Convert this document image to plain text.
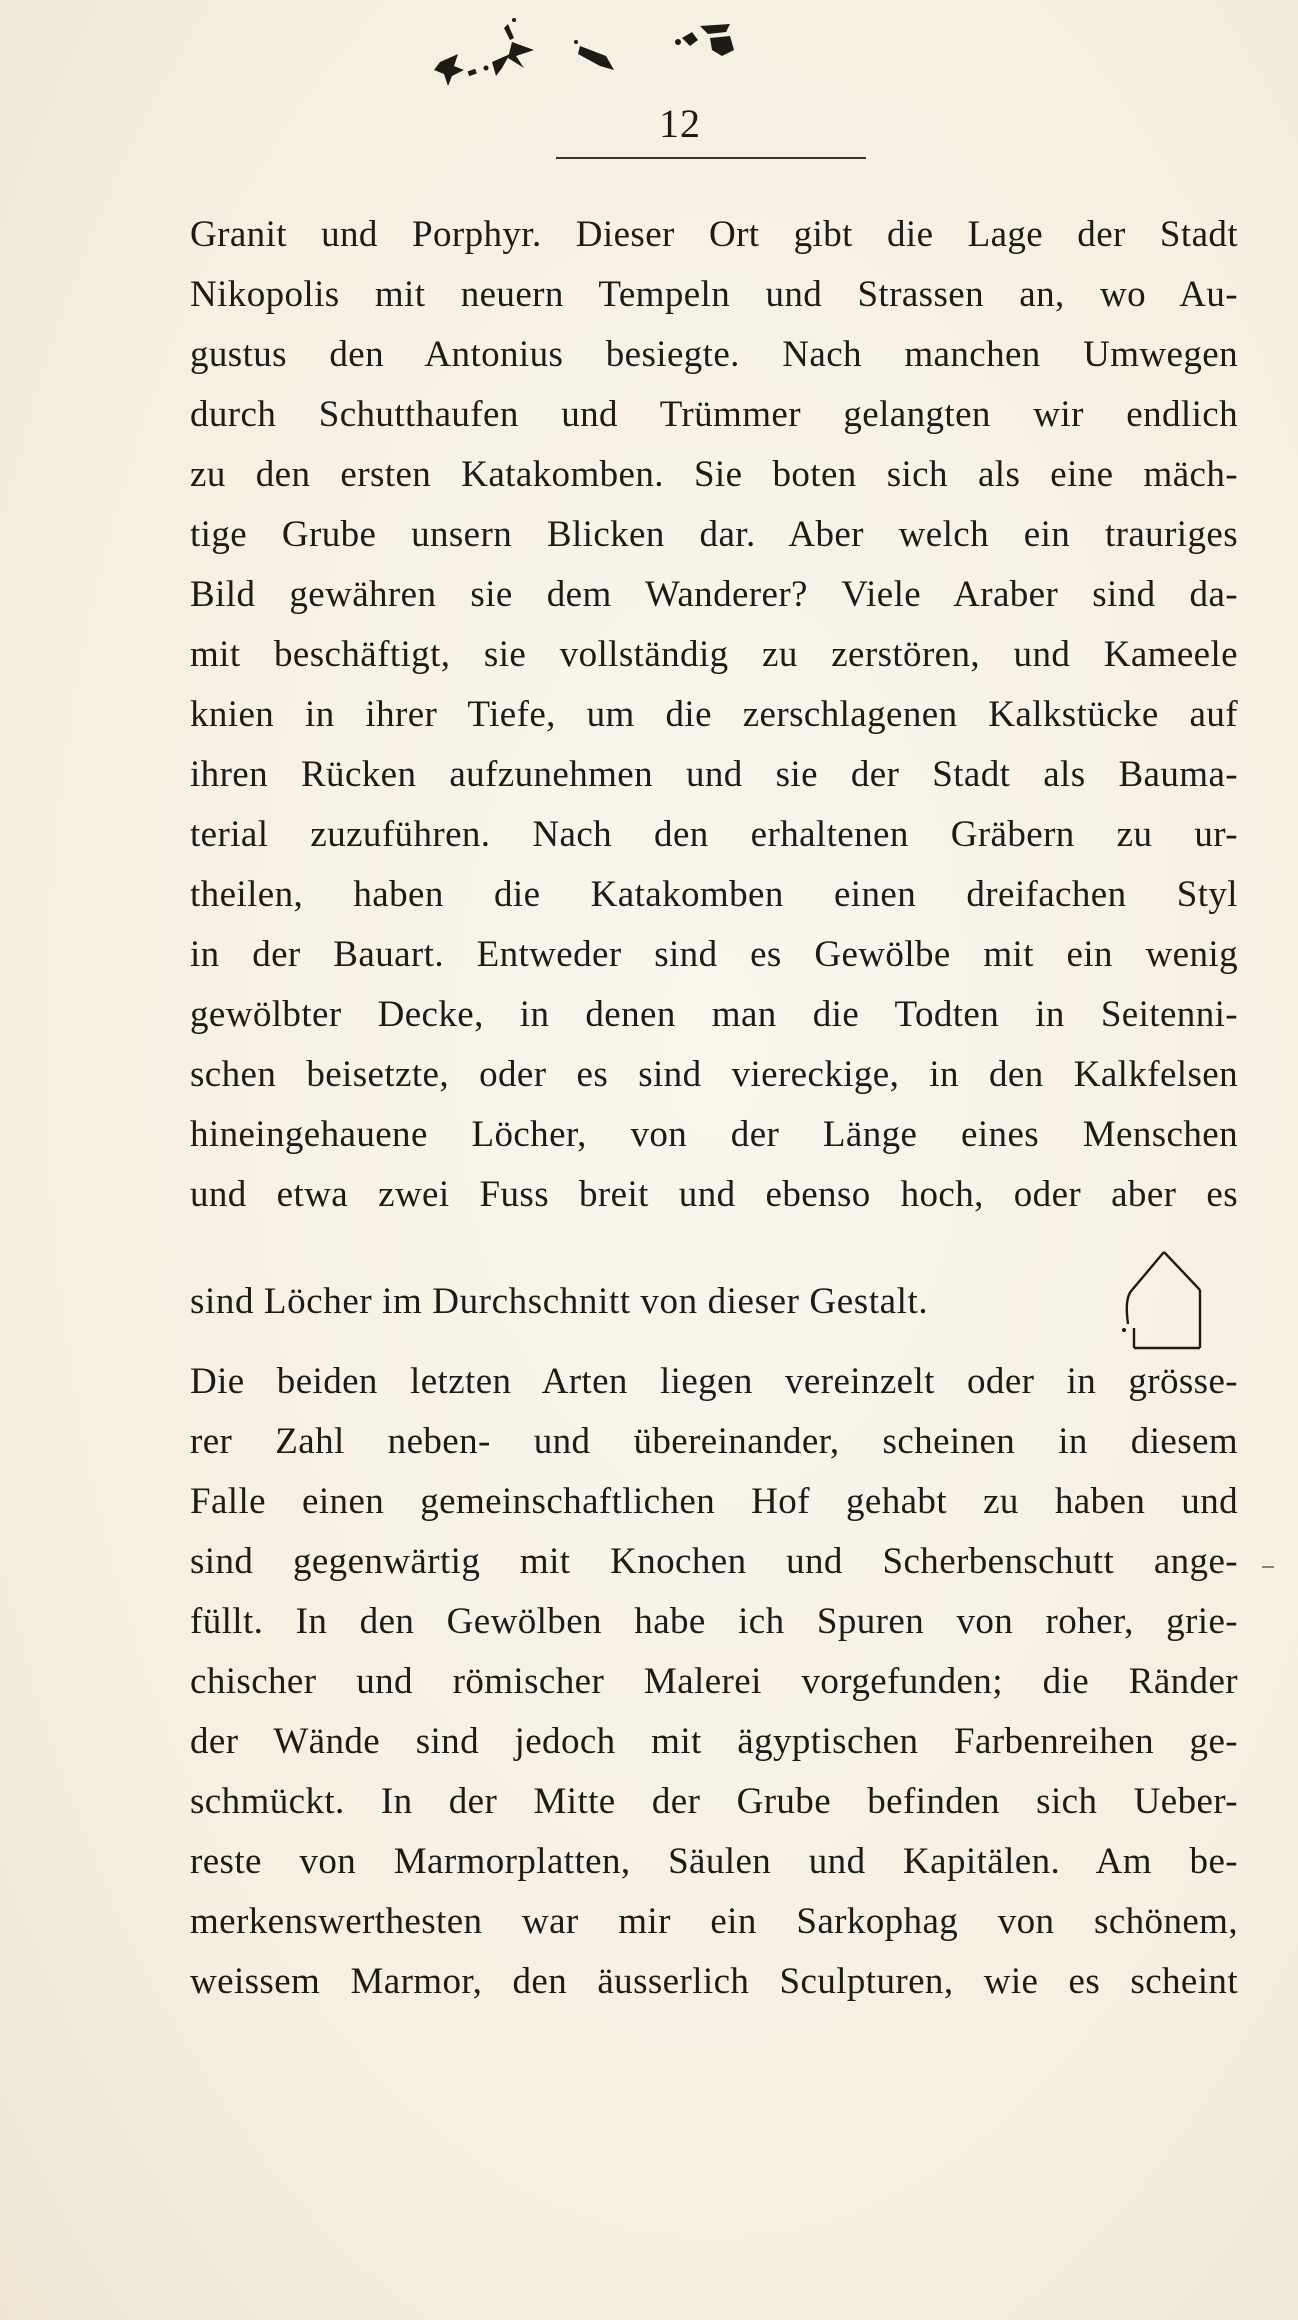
12
Granit und Porphyr. Dieser Ort gibt die Lage der Stadt
Nikopolis mit neuern Tempeln und Strassen an, wo Au-
gustus den Antonius besiegte. Nach manchen Umwegen
durch Schutthaufen und Trümmer gelangten wir endlich
zu den ersten Katakomben. Sie boten sich als eine mäch-
tige Grube unsern Blicken dar. Aber welch ein trauriges
Bild gewähren sie dem Wanderer? Viele Araber sind da-
mit beschäftigt, sie vollständig zu zerstören, und Kameele
knien in ihrer Tiefe, um die zerschlagenen Kalkstücke auf
ihren Rücken aufzunehmen und sie der Stadt als Bauma-
terial zuzuführen. Nach den erhaltenen Gräbern zu ur-
theilen, haben die Katakomben einen dreifachen Styl
in der Bauart. Entweder sind es Gewölbe mit ein wenig
gewölbter Decke, in denen man die Todten in Seitenni-
schen beisetzte, oder es sind viereckige, in den Kalkfelsen
hineingehauene Löcher, von der Länge eines Menschen
und etwa zwei Fuss breit und ebenso hoch, oder aber es
sind Löcher im Durchschnitt von dieser Gestalt.
Die beiden letzten Arten liegen vereinzelt oder in grösse-
rer Zahl neben- und übereinander, scheinen in diesem
Falle einen gemeinschaftlichen Hof gehabt zu haben und
sind gegenwärtig mit Knochen und Scherbenschutt ange-
füllt. In den Gewölben habe ich Spuren von roher, grie-
chischer und römischer Malerei vorgefunden; die Ränder
der Wände sind jedoch mit ägyptischen Farbenreihen ge-
schmückt. In der Mitte der Grube befinden sich Ueber-
reste von Marmorplatten, Säulen und Kapitälen. Am be-
merkenswerthesten war mir ein Sarkophag von schönem,
weissem Marmor, den äusserlich Sculpturen, wie es scheint
